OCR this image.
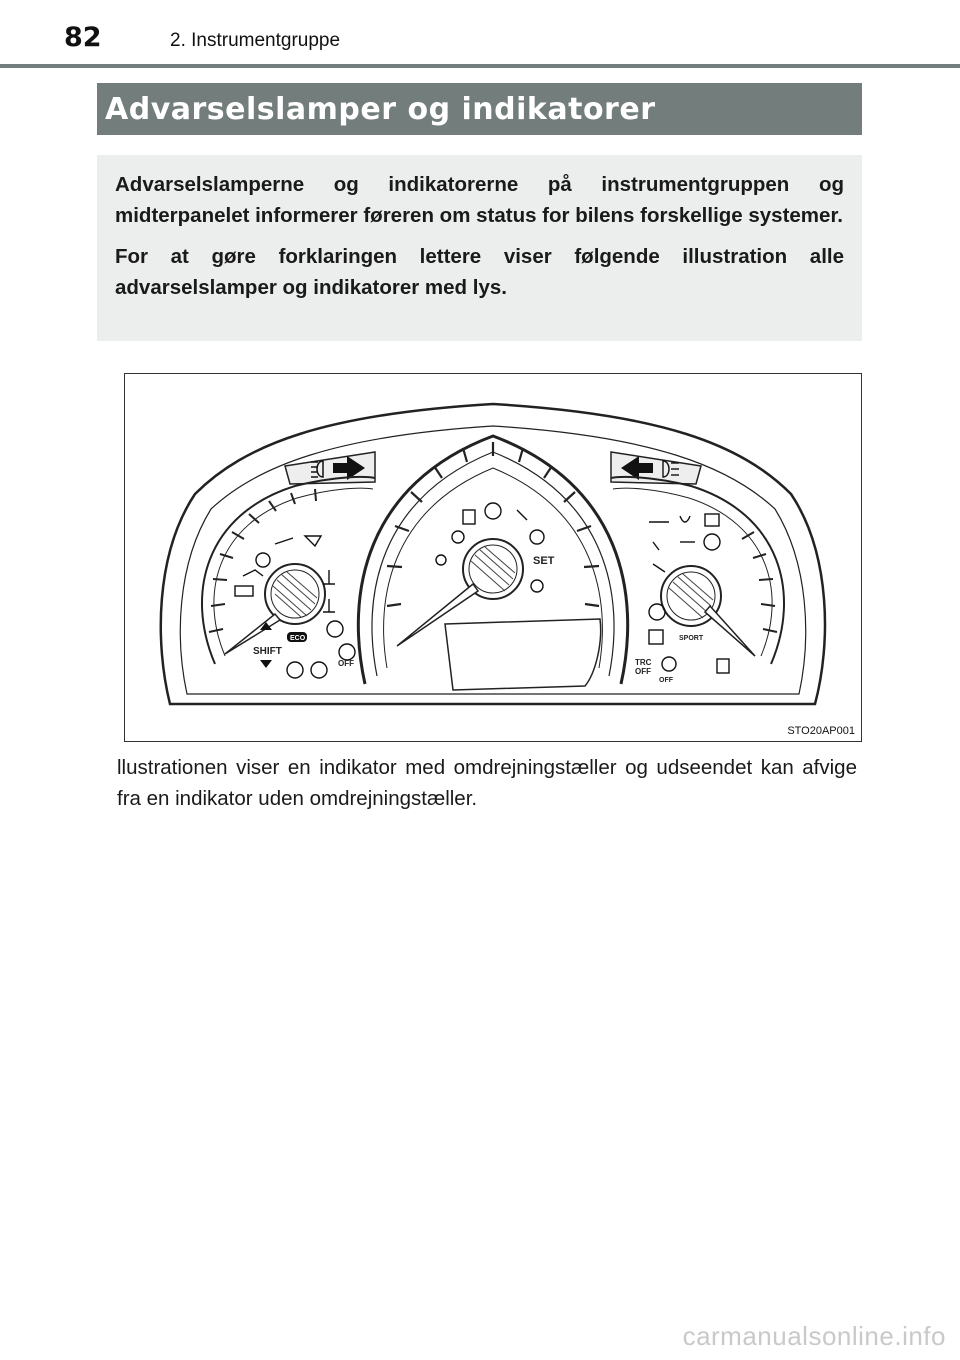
82	2. Instrumentgruppe
Advarselslamper og indikatorer

Advarselslamperne og indikatorerne på instrumentgruppen og midterpanelet informerer føreren om status for bilens forskellige systemer.

For at gøre forklaringen lettere viser følgende illustration alle advarselslamper og indikatorer med lys.

SHIFT
ECO
OFF
SET
SPORT
TRC
OFF
OFF
STO20AP001
llustrationen viser en indikator med omdrejningstæller og udseendet kan afvige fra en indikator uden omdrejningstæller.
carmanualsonline.info
